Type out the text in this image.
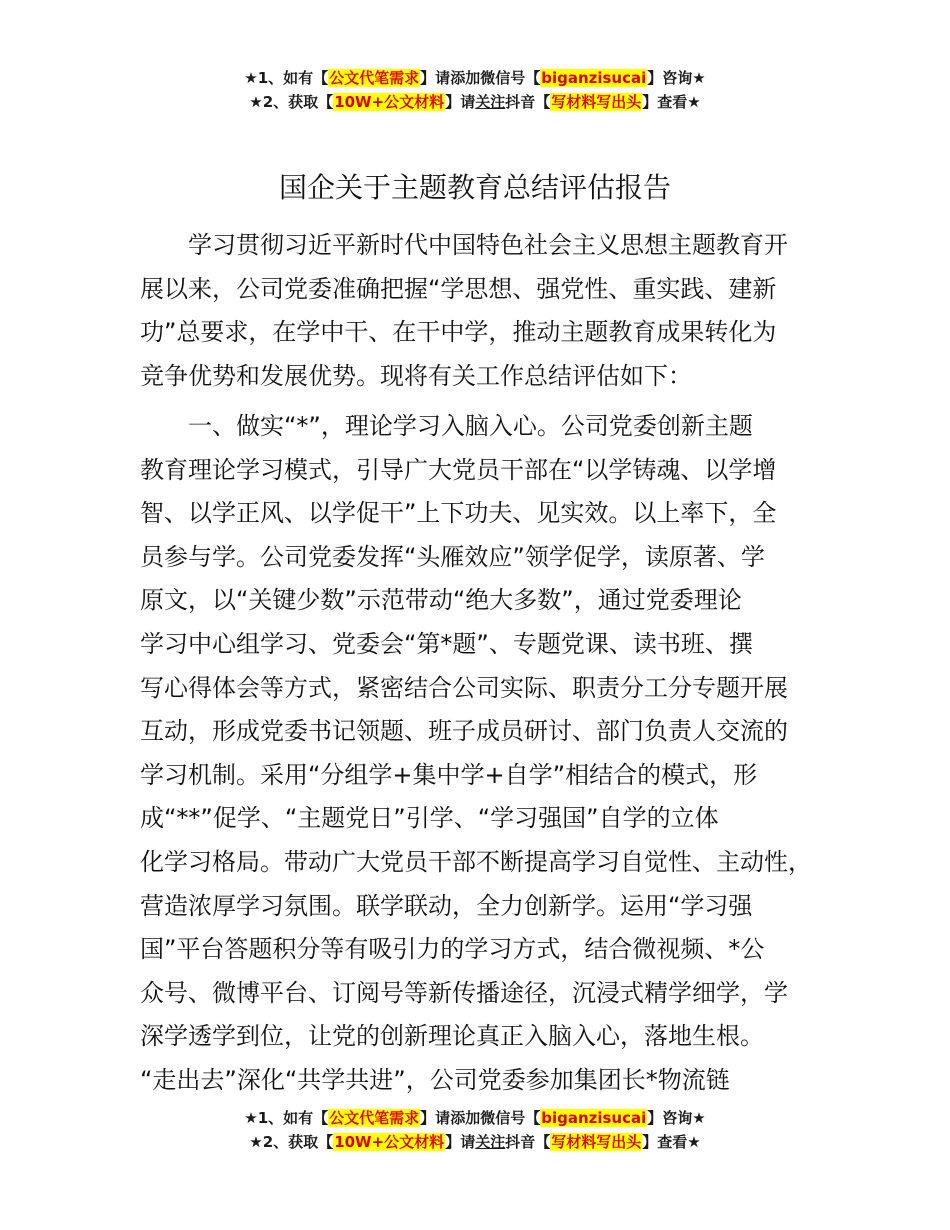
★1、如有【公文代笔需求】请添加微信号【biganzisucai】咨询★
★2、获取【10W+公文材料】请关注抖音【写材料写出头】查看★
国企关于主题教育总结评估报告
学习贯彻习近平新时代中国特色社会主义思想主题教育开
展以来，公司党委准确把握“学思想、强党性、重实践、建新
功”总要求，在学中干、在干中学，推动主题教育成果转化为
竞争优势和发展优势。现将有关工作总结评估如下：
一、做实“*”，理论学习入脑入心。公司党委创新主题
教育理论学习模式，引导广大党员干部在“以学铸魂、以学增
智、以学正风、以学促干”上下功夫、见实效。以上率下，全
员参与学。公司党委发挥“头雁效应”领学促学，读原著、学
原文，以“关键少数”示范带动“绝大多数”，通过党委理论
学习中心组学习、党委会“第*题”、专题党课、读书班、撰
写心得体会等方式，紧密结合公司实际、职责分工分专题开展
互动，形成党委书记领题、班子成员研讨、部门负责人交流的
学习机制。采用“分组学+集中学+自学”相结合的模式，形
成“**”促学、“主题党日”引学、“学习强国”自学的立体
化学习格局。带动广大党员干部不断提高学习自觉性、主动性，
营造浓厚学习氛围。联学联动，全力创新学。运用“学习强
国”平台答题积分等有吸引力的学习方式，结合微视频、*公
众号、微博平台、订阅号等新传播途径，沉浸式精学细学，学
深学透学到位，让党的创新理论真正入脑入心，落地生根。
“走出去”深化“共学共进”，公司党委参加集团长*物流链
★1、如有【公文代笔需求】请添加微信号【biganzisucai】咨询★
★2、获取【10W+公文材料】请关注抖音【写材料写出头】查看★
